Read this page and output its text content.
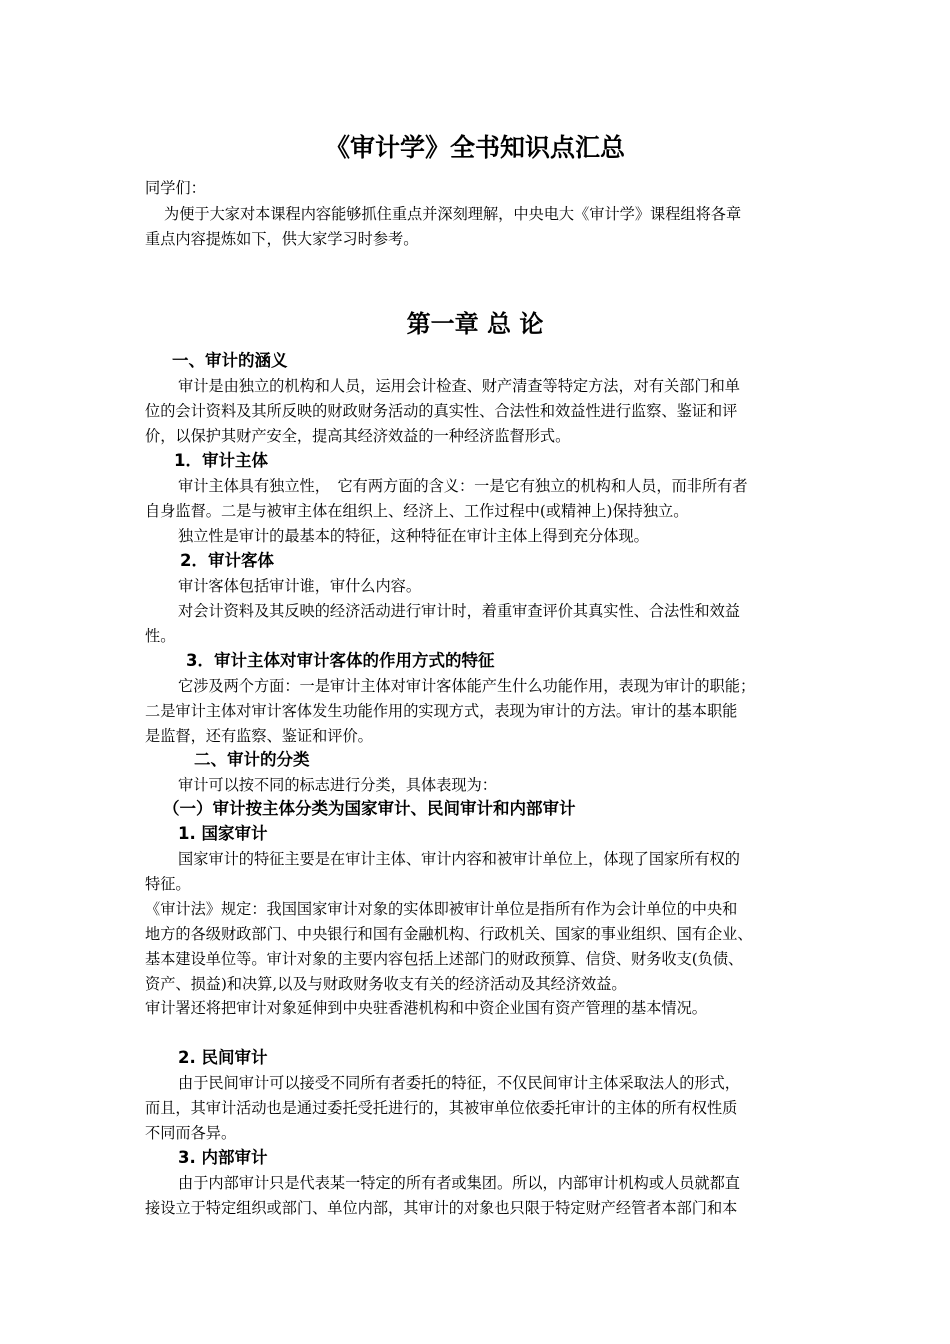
《审计学》全书知识点汇总
同学们：
为便于大家对本课程内容能够抓住重点并深刻理解，中央电大《审计学》课程组将各章
重点内容提炼如下，供大家学习时参考。
第一章 总 论
一、审计的涵义
审计是由独立的机构和人员，运用会计检查、财产清查等特定方法，对有关部门和单
位的会计资料及其所反映的财政财务活动的真实性、合法性和效益性进行监察、鉴证和评
价，以保护其财产安全，提高其经济效益的一种经济监督形式。
1．审计主体
审计主体具有独立性，　它有两方面的含义：一是它有独立的机构和人员，而非所有者
自身监督。二是与被审主体在组织上、经济上、工作过程中(或精神上)保持独立。
独立性是审计的最基本的特征，这种特征在审计主体上得到充分体现。
2．审计客体
审计客体包括审计谁，审什么内容。
对会计资料及其反映的经济活动进行审计时，着重审查评价其真实性、合法性和效益
性。
3．审计主体对审计客体的作用方式的特征
它涉及两个方面：一是审计主体对审计客体能产生什么功能作用，表现为审计的职能；
二是审计主体对审计客体发生功能作用的实现方式，表现为审计的方法。审计的基本职能
是监督，还有监察、鉴证和评价。
二、审计的分类
审计可以按不同的标志进行分类，具体表现为：
（一）审计按主体分类为国家审计、民间审计和内部审计
1. 国家审计
国家审计的特征主要是在审计主体、审计内容和被审计单位上，体现了国家所有权的
特征。
《审计法》规定：我国国家审计对象的实体即被审计单位是指所有作为会计单位的中央和
地方的各级财政部门、中央银行和国有金融机构、行政机关、国家的事业组织、国有企业、
基本建设单位等。审计对象的主要内容包括上述部门的财政预算、信贷、财务收支(负债、
资产、损益)和决算,以及与财政财务收支有关的经济活动及其经济效益。
审计署还将把审计对象延伸到中央驻香港机构和中资企业国有资产管理的基本情况。
2. 民间审计
由于民间审计可以接受不同所有者委托的特征，不仅民间审计主体采取法人的形式，
而且，其审计活动也是通过委托受托进行的，其被审单位依委托审计的主体的所有权性质
不同而各异。
3. 内部审计
由于内部审计只是代表某一特定的所有者或集团。所以，内部审计机构或人员就都直
接设立于特定组织或部门、单位内部，其审计的对象也只限于特定财产经管者本部门和本
